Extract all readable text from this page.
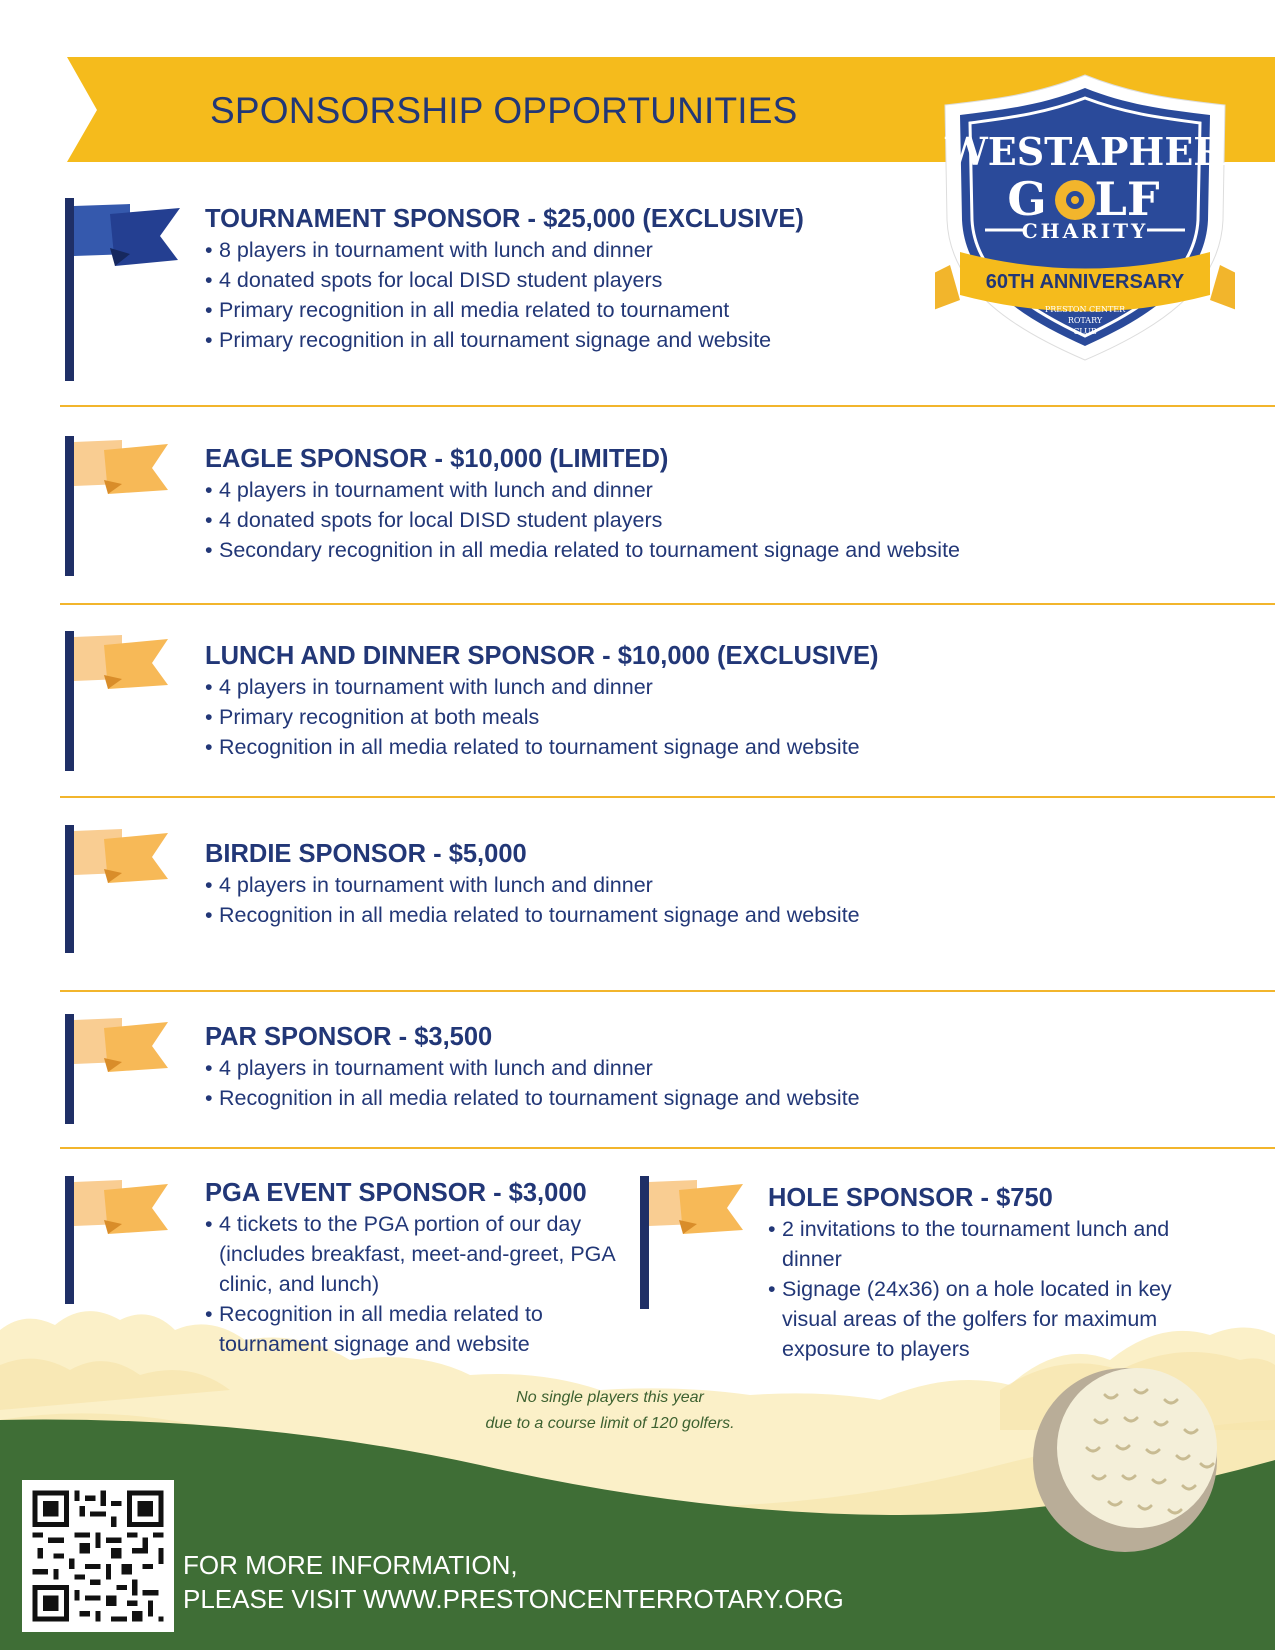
SPONSORSHIP OPPORTUNITIES
WESTAPHER
G LF
CHARITY
60TH ANNIVERSARY
PRESTON CENTER
ROTARY
CLUB
TOURNAMENT SPONSOR - $25,000 (EXCLUSIVE)
• 8 players in tournament with lunch and dinner
• 4 donated spots for local DISD student players
• Primary recognition in all media related to tournament
• Primary recognition in all tournament signage and website
EAGLE SPONSOR - $10,000 (LIMITED)
• 4 players in tournament with lunch and dinner
• 4 donated spots for local DISD student players
• Secondary recognition in all media related to tournament signage and website
LUNCH AND DINNER SPONSOR - $10,000 (EXCLUSIVE)
• 4 players in tournament with lunch and dinner
• Primary recognition at both meals
• Recognition in all media related to tournament signage and website
BIRDIE SPONSOR - $5,000
• 4 players in tournament with lunch and dinner
• Recognition in all media related to tournament signage and website
PAR SPONSOR - $3,500
• 4 players in tournament with lunch and dinner
• Recognition in all media related to tournament signage and website
PGA EVENT SPONSOR - $3,000
• 4 tickets to the PGA portion of our day (includes breakfast, meet-and-greet, PGA clinic, and lunch)
• Recognition in all media related to tournament signage and website
HOLE SPONSOR - $750
• 2 invitations to the tournament lunch and dinner
• Signage (24x36) on a hole located in key visual areas of the golfers for maximum exposure to players
No single players this year
due to a course limit of 120 golfers.
FOR MORE INFORMATION,
PLEASE VISIT WWW.PRESTONCENTERROTARY.ORG
